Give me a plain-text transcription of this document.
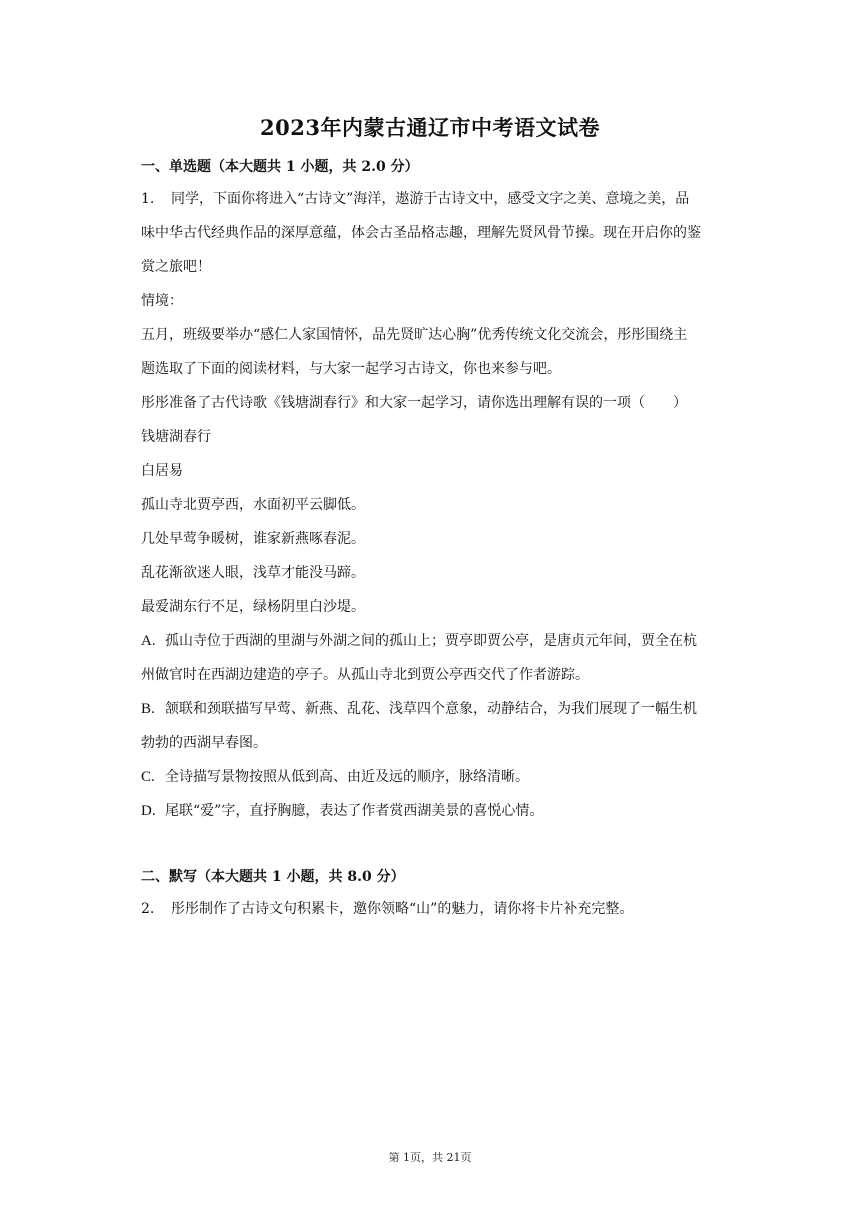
2023年内蒙古通辽市中考语文试卷
一、单选题（本大题共 1 小题，共 2.0 分）
1. 同学，下面你将进入“古诗文”海洋，遨游于古诗文中，感受文字之美、意境之美，品
味中华古代经典作品的深厚意蕴，体会古圣品格志趣，理解先贤风骨节操。现在开启你的鉴
赏之旅吧！
情境：
五月，班级要举办“感仁人家国情怀，品先贤旷达心胸”优秀传统文化交流会，彤彤围绕主
题选取了下面的阅读材料，与大家一起学习古诗文，你也来参与吧。
彤彤准备了古代诗歌《钱塘湖春行》和大家一起学习，请你选出理解有误的一项（　　）
钱塘湖春行
白居易
孤山寺北贾亭西，水面初平云脚低。
几处早莺争暖树，谁家新燕啄春泥。
乱花渐欲迷人眼，浅草才能没马蹄。
最爱湖东行不足，绿杨阴里白沙堤。
A. 孤山寺位于西湖的里湖与外湖之间的孤山上；贾亭即贾公亭，是唐贞元年间，贾全在杭
州做官时在西湖边建造的亭子。从孤山寺北到贾公亭西交代了作者游踪。
B. 颔联和颈联描写早莺、新燕、乱花、浅草四个意象，动静结合，为我们展现了一幅生机
勃勃的西湖早春图。
C. 全诗描写景物按照从低到高、由近及远的顺序，脉络清晰。
D. 尾联“爱”字，直抒胸臆，表达了作者赏西湖美景的喜悦心情。
二、默写（本大题共 1 小题，共 8.0 分）
2. 彤彤制作了古诗文句积累卡，邀你领略“山”的魅力，请你将卡片补充完整。
第 1页，共 21页
